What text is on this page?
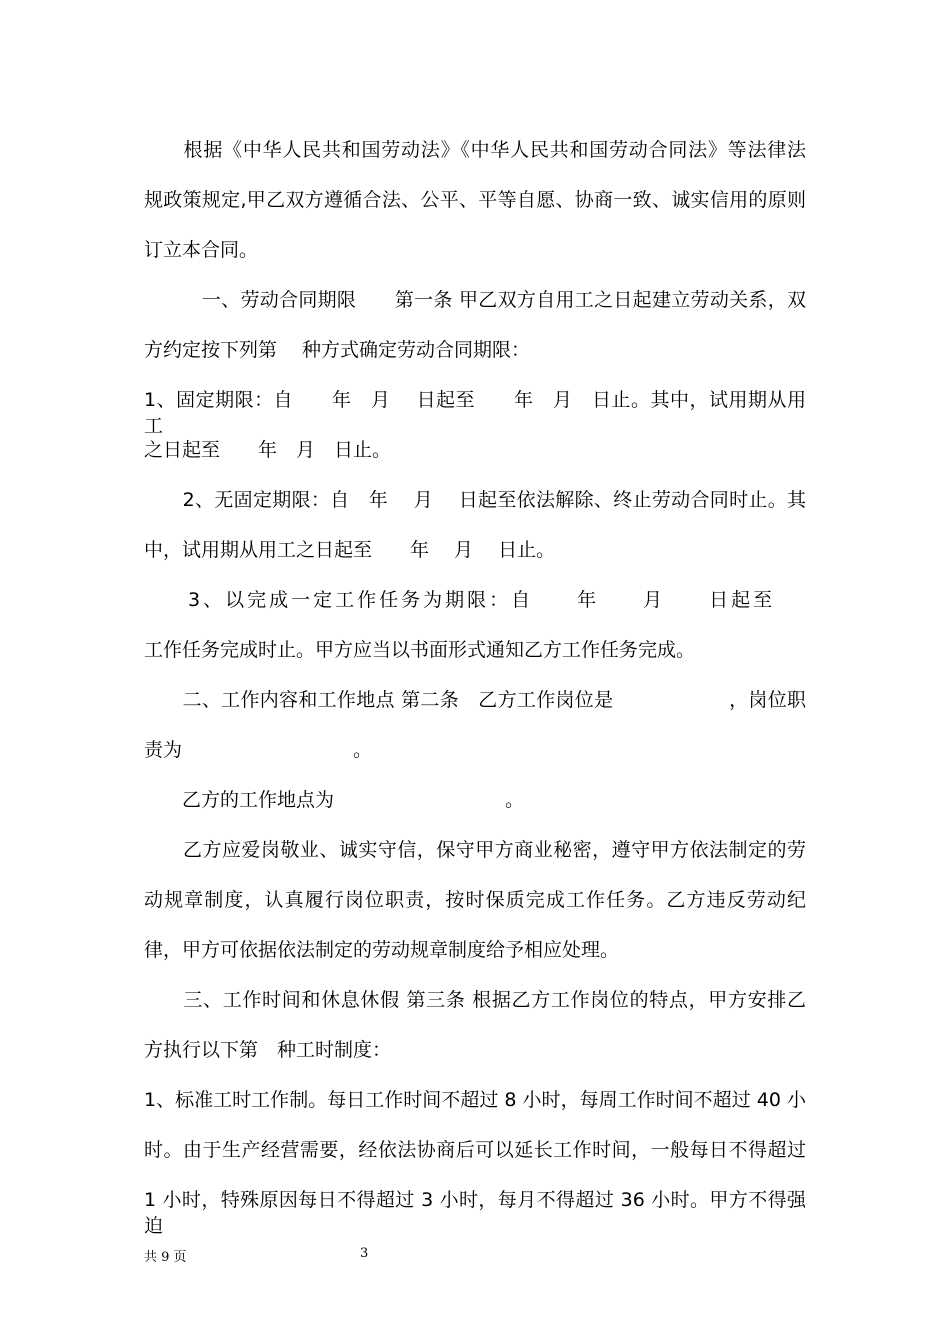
　　根据《中华人民共和国劳动法》《中华人民共和国劳动合同法》等法律法
规政策规定,甲乙双方遵循合法、公平、平等自愿、协商一致、诚实信用的原则
订立本合同。
　　　一、劳动合同期限　　第一条 甲乙双方自用工之日起建立劳动关系，双
方约定按下列第　 种方式确定劳动合同期限：
1、固定期限：自　　年　月　 日起至　　年　月　日止。其中，试用期从用工
之日起至　　年　月　日止。
　　2、无固定期限：自　年　 月　 日起至依法解除、终止劳动合同时止。其
中，试用期从用工之日起至　　年　 月　 日止。
　　3、以完成一定工作任务为期限：自　　年　　月　　日起至
工作任务完成时止。甲方应当以书面形式通知乙方工作任务完成。
　　二、工作内容和工作地点 第二条　乙方工作岗位是　　　　　　，岗位职
责为　　　　　　　　　。
　　乙方的工作地点为　　　　　　　　　。
　　乙方应爱岗敬业、诚实守信，保守甲方商业秘密，遵守甲方依法制定的劳
动规章制度，认真履行岗位职责，按时保质完成工作任务。乙方违反劳动纪
律，甲方可依据依法制定的劳动规章制度给予相应处理。
　　三、工作时间和休息休假 第三条 根据乙方工作岗位的特点，甲方安排乙
方执行以下第　种工时制度：
1、标准工时工作制。每日工作时间不超过 8 小时，每周工作时间不超过 40 小
时。由于生产经营需要，经依法协商后可以延长工作时间，一般每日不得超过
1 小时，特殊原因每日不得超过 3 小时，每月不得超过 36 小时。甲方不得强迫
共 9 页	3
